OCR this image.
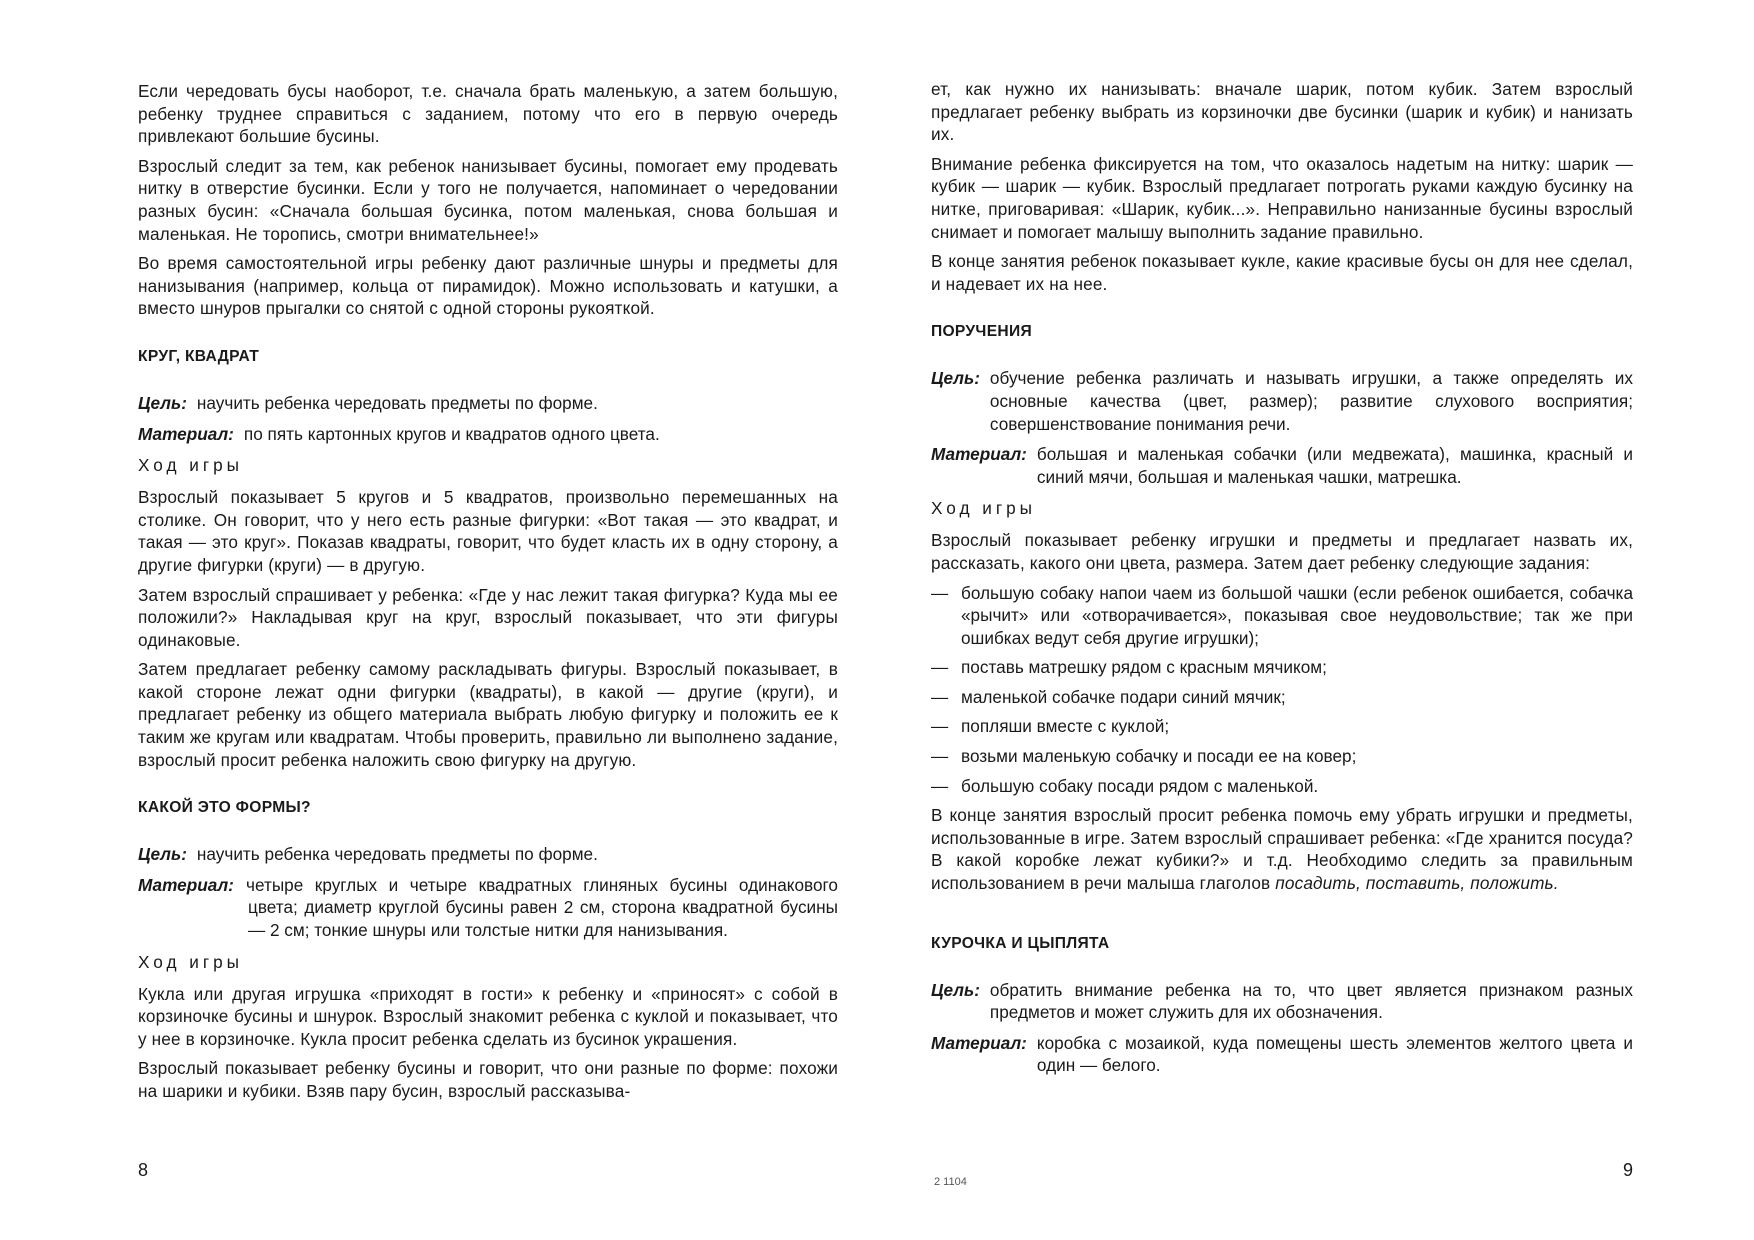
Если чередовать бусы наоборот, т.е. сначала брать маленькую, а затем большую, ребенку труднее справиться с заданием, потому что его в первую очередь привлекают большие бусины.

Взрослый следит за тем, как ребенок нанизывает бусины, помогает ему продевать нитку в отверстие бусинки. Если у того не получается, напоминает о чередовании разных бусин: «Сначала большая бусинка, потом маленькая, снова большая и маленькая. Не торопись, смотри внимательнее!»

Во время самостоятельной игры ребенку дают различные шнуры и предметы для нанизывания (например, кольца от пирамидок). Можно использовать и катушки, а вместо шнуров прыгалки со снятой с одной стороны рукояткой.

КРУГ, КВАДРАТ
Цель: научить ребенка чередовать предметы по форме.
Материал: по пять картонных кругов и квадратов одного цвета.
Ход игры

Взрослый показывает 5 кругов и 5 квадратов, произвольно перемешанных на столике. Он говорит, что у него есть разные фигурки: «Вот такая — это квадрат, и такая — это круг». Показав квадраты, говорит, что будет класть их в одну сторону, а другие фигурки (круги) — в другую.

Затем взрослый спрашивает у ребенка: «Где у нас лежит такая фигурка? Куда мы ее положили?» Накладывая круг на круг, взрослый показывает, что эти фигуры одинаковые.

Затем предлагает ребенку самому раскладывать фигуры. Взрослый показывает, в какой стороне лежат одни фигурки (квадраты), в какой — другие (круги), и предлагает ребенку из общего материала выбрать любую фигурку и положить ее к таким же кругам или квадратам. Чтобы проверить, правильно ли выполнено задание, взрослый просит ребенка наложить свою фигурку на другую.

КАКОЙ ЭТО ФОРМЫ?
Цель: научить ребенка чередовать предметы по форме.
Материал: четыре круглых и четыре квадратных глиняных бусины одинакового цвета; диаметр круглой бусины равен 2 см, сторона квадратной бусины — 2 см; тонкие шнуры или толстые нитки для нанизывания.
Ход игры

Кукла или другая игрушка «приходят в гости» к ребенку и «приносят» с собой в корзиночке бусины и шнурок. Взрослый знакомит ребенка с куклой и показывает, что у нее в корзиночке. Кукла просит ребенка сделать из бусинок украшения.

Взрослый показывает ребенку бусины и говорит, что они разные по форме: похожи на шарики и кубики. Взяв пару бусин, взрослый рассказыва-

8

ет, как нужно их нанизывать: вначале шарик, потом кубик. Затем взрослый предлагает ребенку выбрать из корзиночки две бусинки (шарик и кубик) и нанизать их.

Внимание ребенка фиксируется на том, что оказалось надетым на нитку: шарик — кубик — шарик — кубик. Взрослый предлагает потрогать руками каждую бусинку на нитке, приговаривая: «Шарик, кубик...». Неправильно нанизанные бусины взрослый снимает и помогает малышу выполнить задание правильно.

В конце занятия ребенок показывает кукле, какие красивые бусы он для нее сделал, и надевает их на нее.

ПОРУЧЕНИЯ
Цель: обучение ребенка различать и называть игрушки, а также определять их основные качества (цвет, размер); развитие слухового восприятия; совершенствование понимания речи.
Материал: большая и маленькая собачки (или медвежата), машинка, красный и синий мячи, большая и маленькая чашки, матрешка.
Ход игры

Взрослый показывает ребенку игрушки и предметы и предлагает назвать их, рассказать, какого они цвета, размера. Затем дает ребенку следующие задания:

— большую собаку напои чаем из большой чашки (если ребенок ошибается, собачка «рычит» или «отворачивается», показывая свое неудовольствие; так же при ошибках ведут себя другие игрушки);
— поставь матрешку рядом с красным мячиком;
— маленькой собачке подари синий мячик;
— попляши вместе с куклой;
— возьми маленькую собачку и посади ее на ковер;
— большую собаку посади рядом с маленькой.

В конце занятия взрослый просит ребенка помочь ему убрать игрушки и предметы, использованные в игре. Затем взрослый спрашивает ребенка: «Где хранится посуда? В какой коробке лежат кубики?» и т.д. Необходимо следить за правильным использованием в речи малыша глаголов посадить, поставить, положить.

КУРОЧКА И ЦЫПЛЯТА
Цель: обратить внимание ребенка на то, что цвет является признаком разных предметов и может служить для их обозначения.
Материал: коробка с мозаикой, куда помещены шесть элементов желтого цвета и один — белого.
9
2 1104
